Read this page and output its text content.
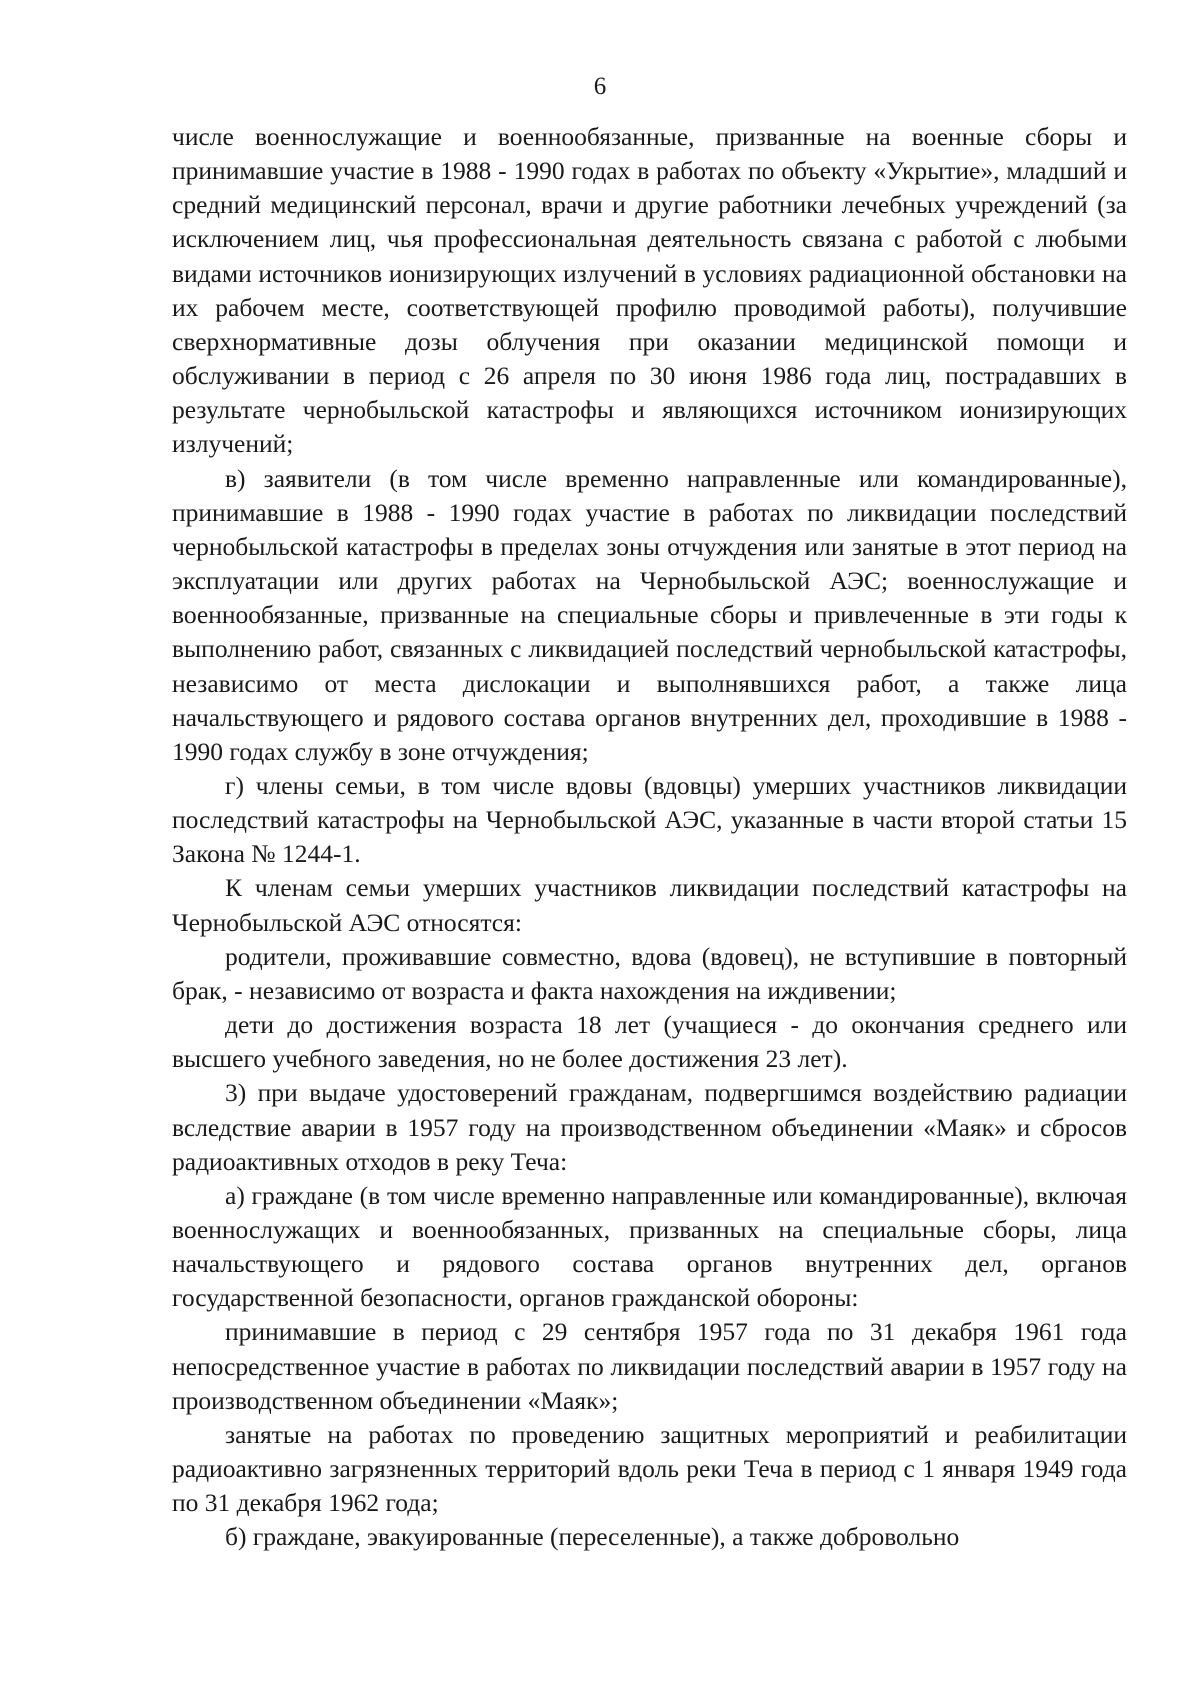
6

числе военнослужащие и военнообязанные, призванные на военные сборы и принимавшие участие в 1988 - 1990 годах в работах по объекту «Укрытие», младший и средний медицинский персонал, врачи и другие работники лечебных учреждений (за исключением лиц, чья профессиональная деятельность связана с работой с любыми видами источников ионизирующих излучений в условиях радиационной обстановки на их рабочем месте, соответствующей профилю проводимой работы), получившие сверхнормативные дозы облучения при оказании медицинской помощи и обслуживании в период с 26 апреля по 30 июня 1986 года лиц, пострадавших в результате чернобыльской катастрофы и являющихся источником ионизирующих излучений;

в) заявители (в том числе временно направленные или командированные), принимавшие в 1988 - 1990 годах участие в работах по ликвидации последствий чернобыльской катастрофы в пределах зоны отчуждения или занятые в этот период на эксплуатации или других работах на Чернобыльской АЭС; военнослужащие и военнообязанные, призванные на специальные сборы и привлеченные в эти годы к выполнению работ, связанных с ликвидацией последствий чернобыльской катастрофы, независимо от места дислокации и выполнявшихся работ, а также лица начальствующего и рядового состава органов внутренних дел, проходившие в 1988 - 1990 годах службу в зоне отчуждения;

г) члены семьи, в том числе вдовы (вдовцы) умерших участников ликвидации последствий катастрофы на Чернобыльской АЭС, указанные в части второй статьи 15 Закона № 1244-1.

К членам семьи умерших участников ликвидации последствий катастрофы на Чернобыльской АЭС относятся:

родители, проживавшие совместно, вдова (вдовец), не вступившие в повторный брак, - независимо от возраста и факта нахождения на иждивении;

дети до достижения возраста 18 лет (учащиеся - до окончания среднего или высшего учебного заведения, но не более достижения 23 лет).

3) при выдаче удостоверений гражданам, подвергшимся воздействию радиации вследствие аварии в 1957 году на производственном объединении «Маяк» и сбросов радиоактивных отходов в реку Теча:

а) граждане (в том числе временно направленные или командированные), включая военнослужащих и военнообязанных, призванных на специальные сборы, лица начальствующего и рядового состава органов внутренних дел, органов государственной безопасности, органов гражданской обороны:

принимавшие в период с 29 сентября 1957 года по 31 декабря 1961 года непосредственное участие в работах по ликвидации последствий аварии в 1957 году на производственном объединении «Маяк»;

занятые на работах по проведению защитных мероприятий и реабилитации радиоактивно загрязненных территорий вдоль реки Теча в период с 1 января 1949 года по 31 декабря 1962 года;

б) граждане, эвакуированные (переселенные), а также добровольно
